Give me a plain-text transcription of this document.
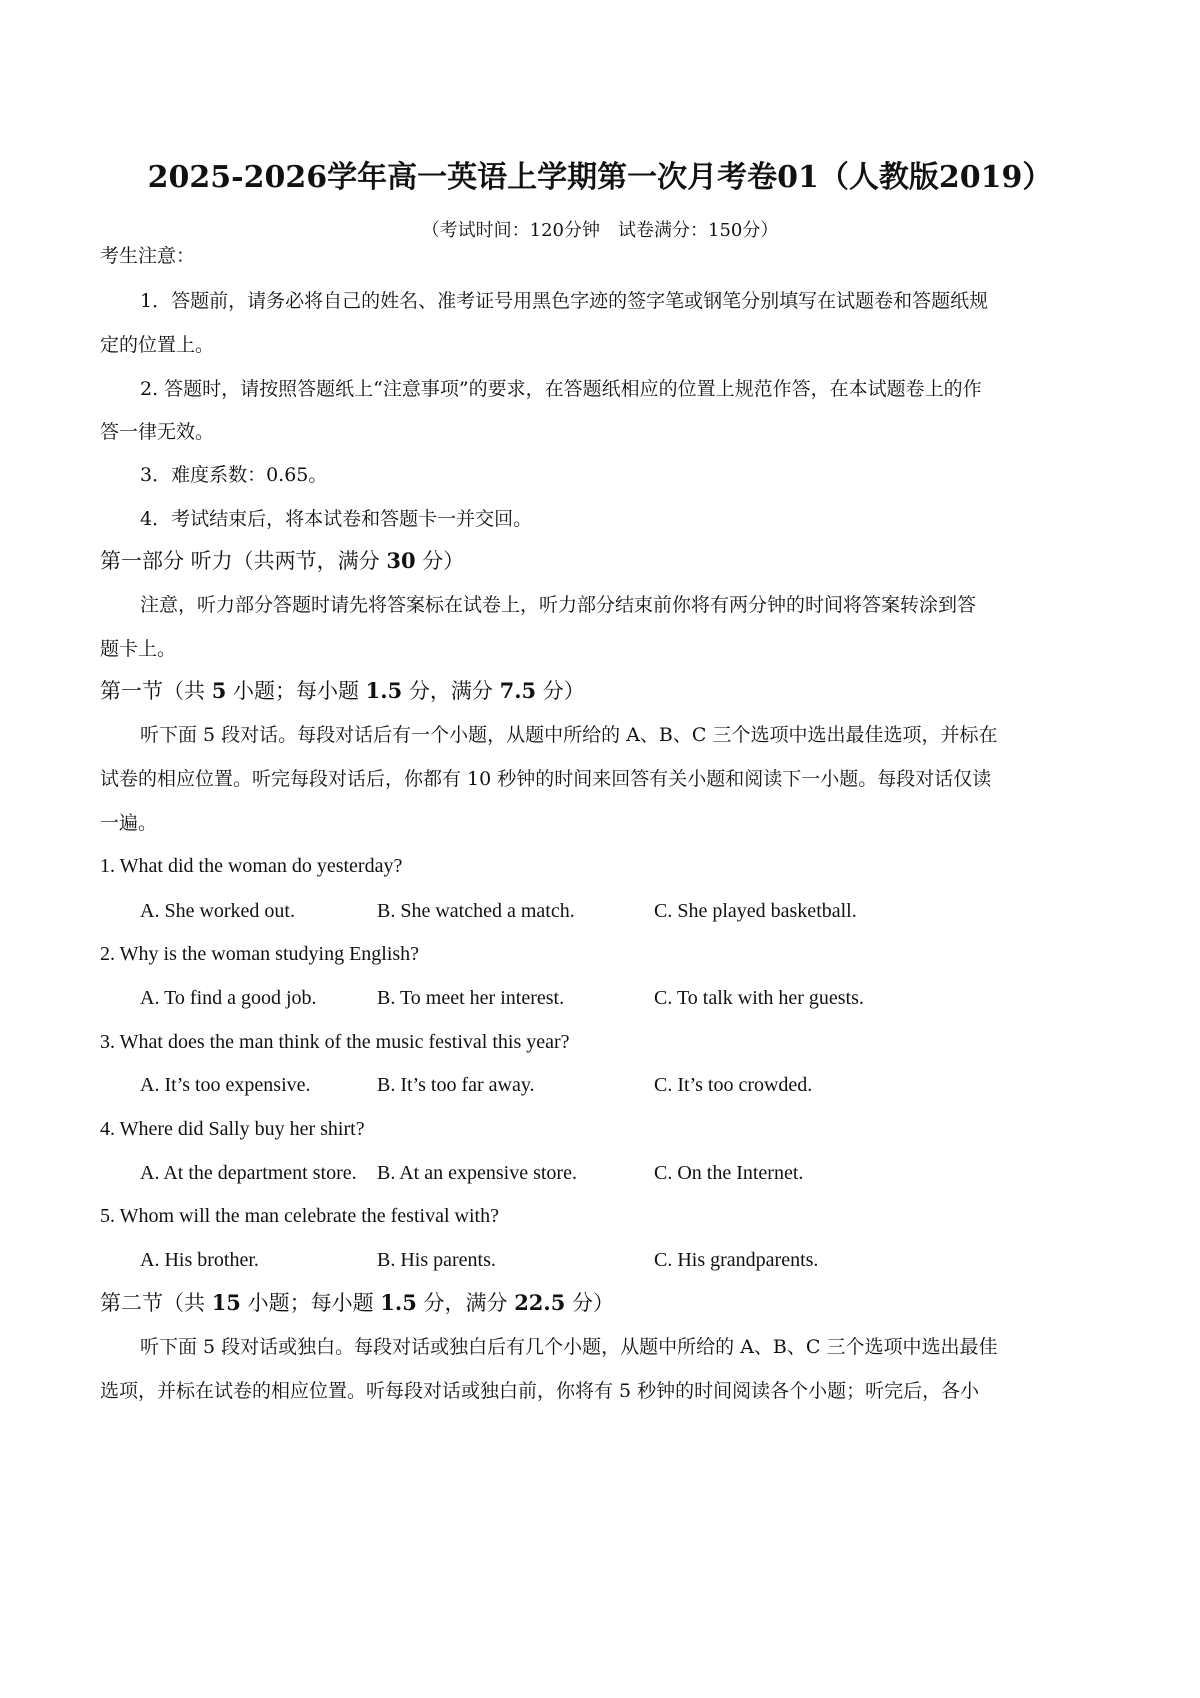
2025-2026学年高一英语上学期第一次月考卷01（人教版2019）
（考试时间：120分钟　试卷满分：150分）
考生注意：
1．答题前，请务必将自己的姓名、准考证号用黑色字迹的签字笔或钢笔分别填写在试题卷和答题纸规
定的位置上。
2. 答题时，请按照答题纸上“注意事项”的要求，在答题纸相应的位置上规范作答，在本试题卷上的作
答一律无效。
3．难度系数：0.65。
4．考试结束后，将本试卷和答题卡一并交回。
第一部分 听力（共两节，满分 30 分）
注意，听力部分答题时请先将答案标在试卷上，听力部分结束前你将有两分钟的时间将答案转涂到答
题卡上。
第一节（共 5 小题；每小题 1.5 分，满分 7.5 分）
听下面 5 段对话。每段对话后有一个小题，从题中所给的 A、B、C 三个选项中选出最佳选项，并标在
试卷的相应位置。听完每段对话后，你都有 10 秒钟的时间来回答有关小题和阅读下一小题。每段对话仅读
一遍。
1. What did the woman do yesterday?
A. She worked out.	B. She watched a match.	C. She played basketball.
2. Why is the woman studying English?
A. To find a good job.	B. To meet her interest.	C. To talk with her guests.
3. What does the man think of the music festival this year?
A. It’s too expensive.	B. It’s too far away.	C. It’s too crowded.
4. Where did Sally buy her shirt?
A. At the department store. B. At an expensive store.	C. On the Internet.
5. Whom will the man celebrate the festival with?
A. His brother.	B. His parents.	C. His grandparents.
第二节（共 15 小题；每小题 1.5 分，满分 22.5 分）
听下面 5 段对话或独白。每段对话或独白后有几个小题，从题中所给的 A、B、C 三个选项中选出最佳
选项，并标在试卷的相应位置。听每段对话或独白前，你将有 5 秒钟的时间阅读各个小题；听完后，各小
